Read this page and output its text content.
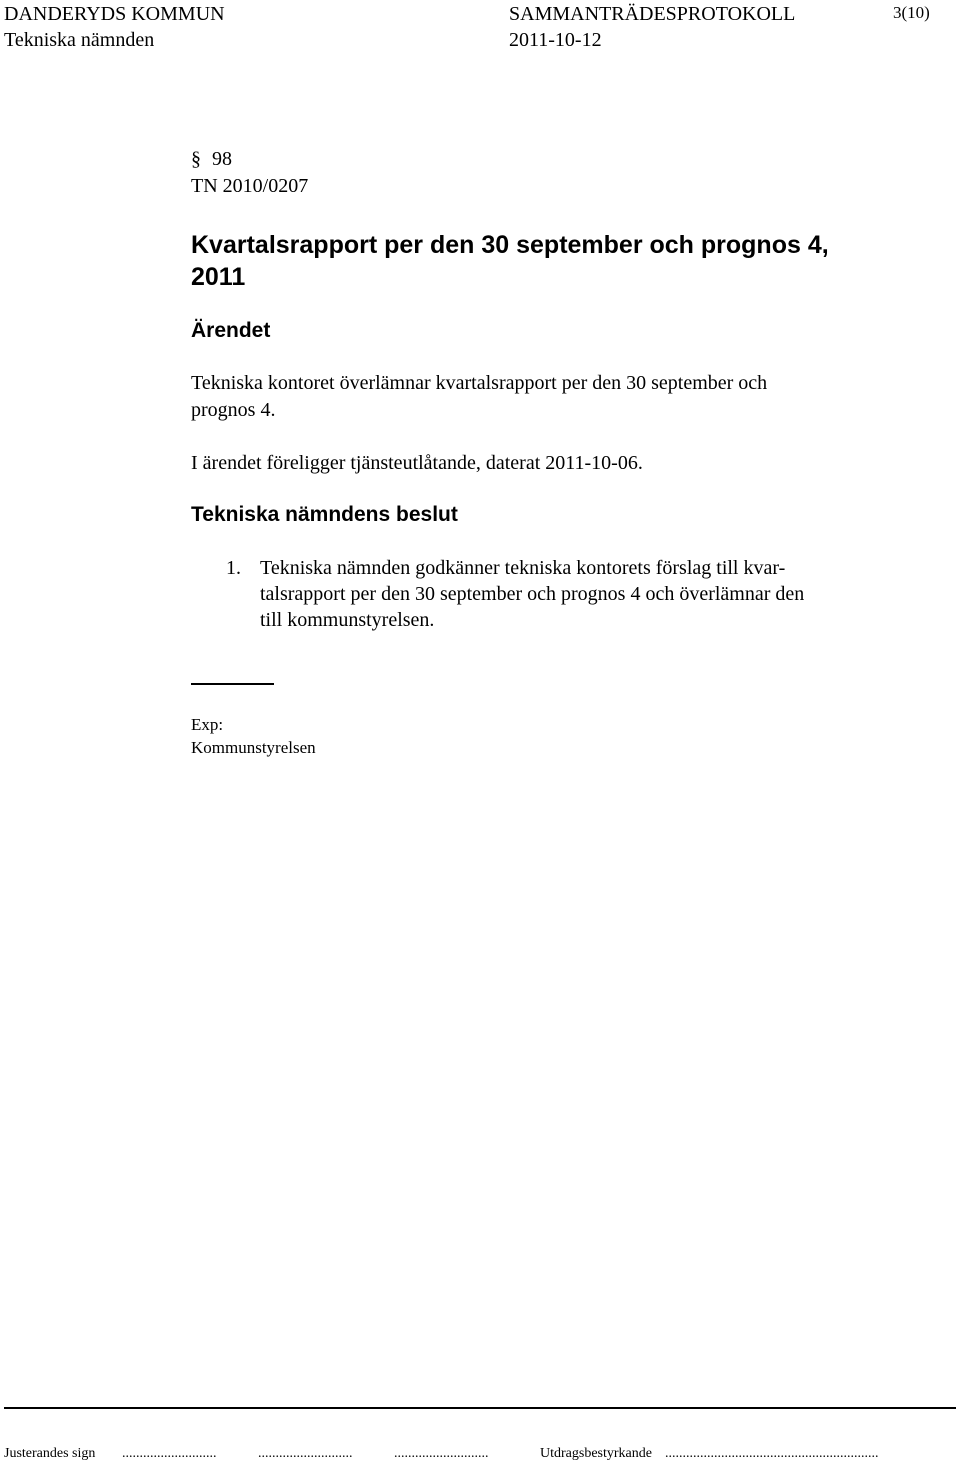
DANDERYDS KOMMUN
Tekniska nämnden
SAMMANTRÄDESPROTOKOLL
2011-10-12
3(10)
§ 98
TN 2010/0207
Kvartalsrapport per den 30 september och prognos 4,
2011
Ärendet
Tekniska kontoret överlämnar kvartalsrapport per den 30 september och
prognos 4.
I ärendet föreligger tjänsteutlåtande, daterat 2011-10-06.
Tekniska nämndens beslut
1. Tekniska nämnden godkänner tekniska kontorets förslag till kvar-
talsrapport per den 30 september och prognos 4 och överlämnar den
till kommunstyrelsen.
Exp:
Kommunstyrelsen
Justerandes sign ...........................	...........................	...........................	Utdragsbestyrkande .............................................................
